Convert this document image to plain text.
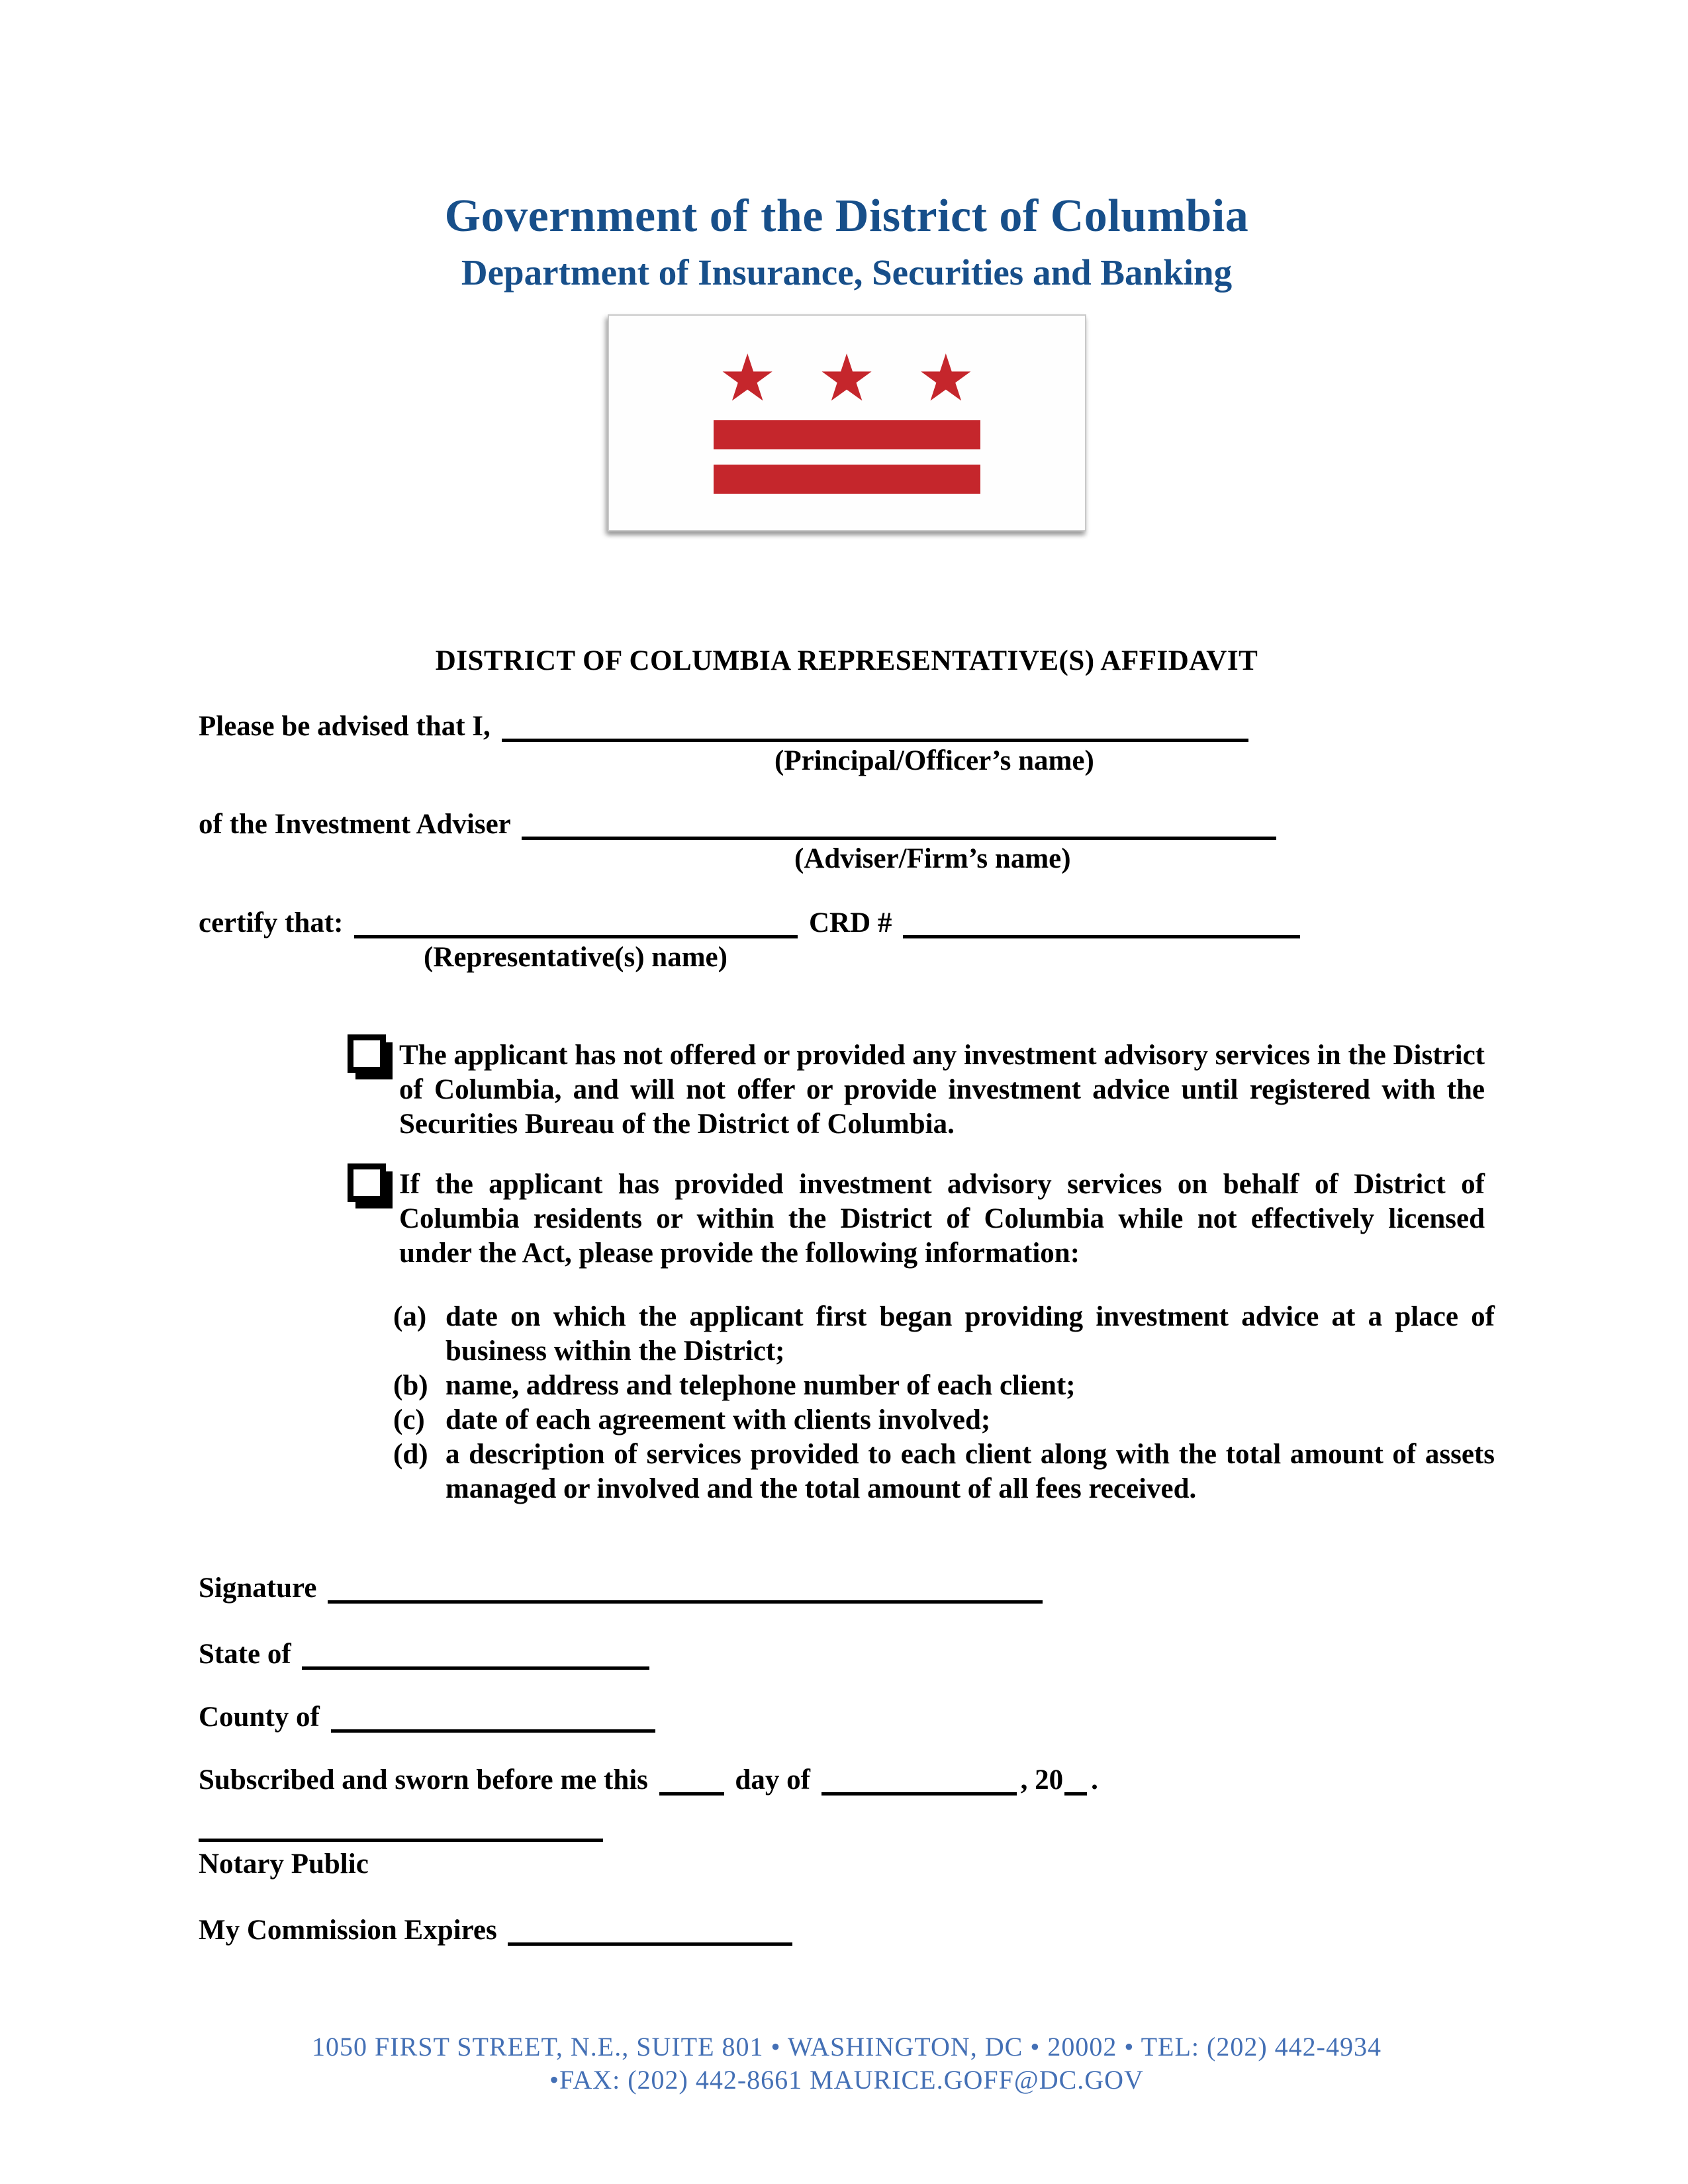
Government of the District of Columbia
Department of Insurance, Securities and Banking
★ ★ ★
DISTRICT OF COLUMBIA REPRESENTATIVE(S) AFFIDAVIT
Please be advised that I,
(Principal/Officer’s name)
of the Investment Adviser
(Adviser/Firm’s name)
certify that:	CRD #
(Representative(s) name)
The applicant has not offered or provided any investment advisory services in the District of Columbia, and will not offer or provide investment advice until registered with the Securities Bureau of the District of Columbia.
If the applicant has provided investment advisory services on behalf of District of Columbia residents or within the District of Columbia while not effectively licensed under the Act, please provide the following information:
(a) date on which the applicant first began providing investment advice at a place of business within the District;
(b) name, address and telephone number of each client;
(c) date of each agreement with clients involved;
(d) a description of services provided to each client along with the total amount of assets managed or involved and the total amount of all fees received.
Signature
State of
County of
Subscribed and sworn before me this	day of	, 20 .
Notary Public
My Commission Expires
1050 FIRST STREET, N.E., SUITE 801 • WASHINGTON, DC • 20002 • TEL: (202) 442-4934
•FAX: (202) 442-8661 MAURICE.GOFF@DC.GOV
